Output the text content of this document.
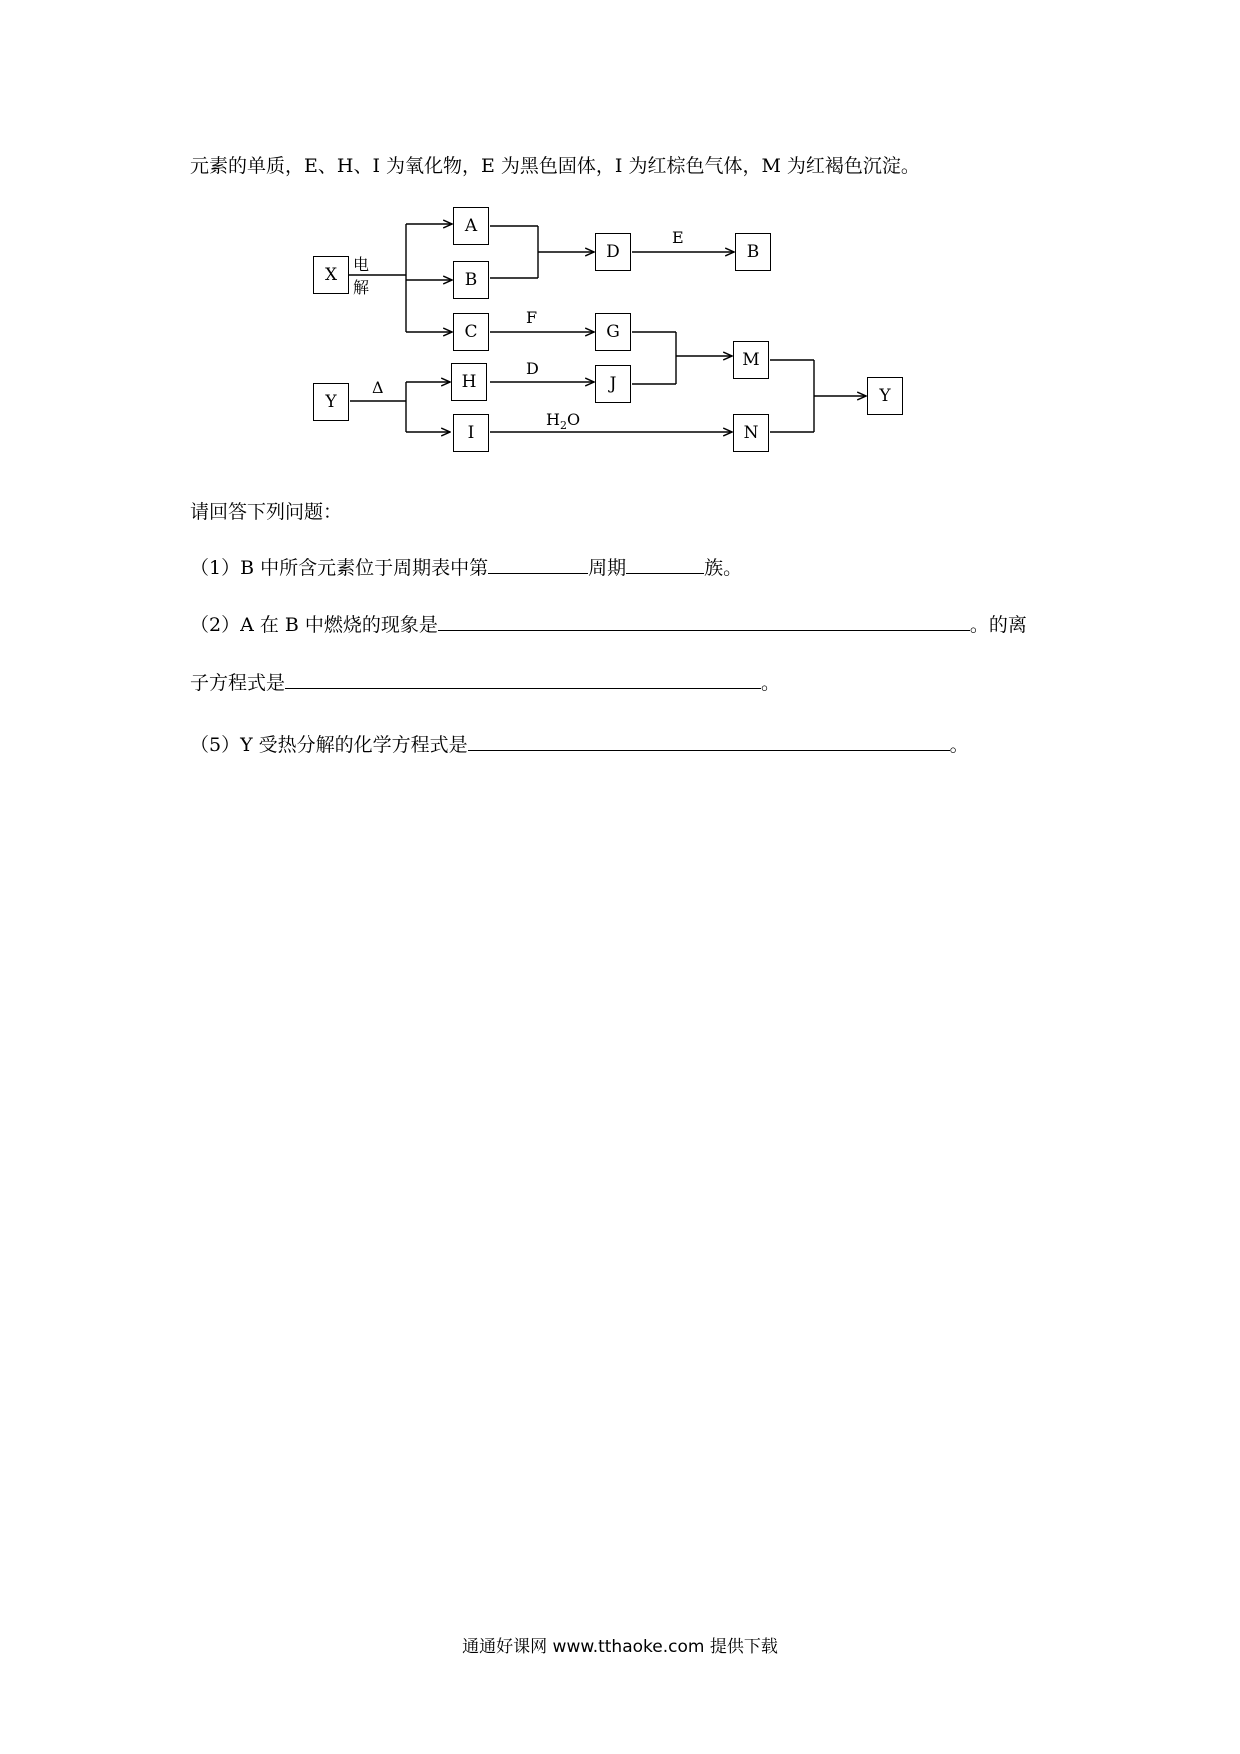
元素的单质，E、H、I 为氧化物，E 为黑色固体，I 为红棕色气体，M 为红褐色沉淀。
X
A
B
C
D	B
G
H	J
M
Y
I	N
Y
电解
E
F
Δ
D
$H_2O$
请回答下列问题：
（1）B 中所含元素位于周期表中第	周期	族。
（2）A 在 B 中燃烧的现象是	。的离
子方程式是	。
（5）Y 受热分解的化学方程式是	。
通通好课网 www.tthaoke.com 提供下载
